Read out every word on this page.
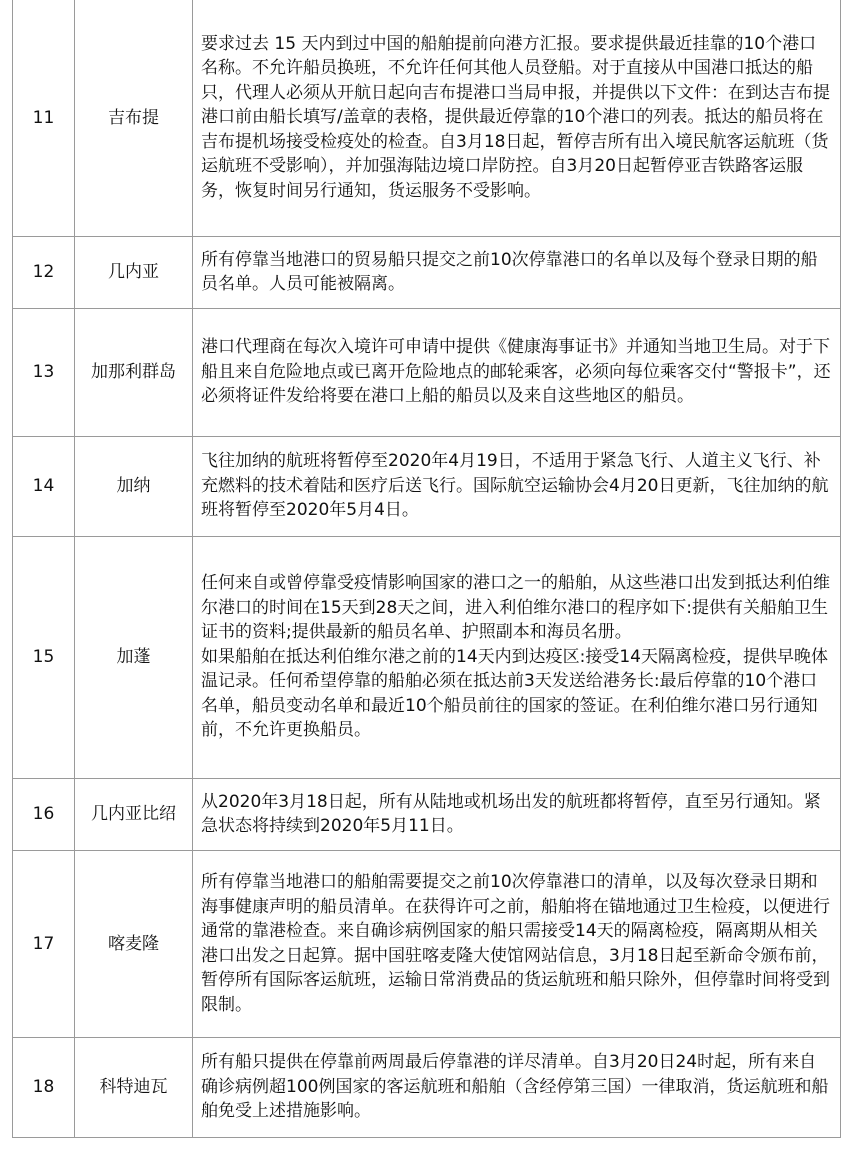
11	吉布提	要求过去 15 天内到过中国的船舶提前向港方汇报。要求提供最近挂靠的10个港口名称。不允许船员换班，不允许任何其他人员登船。对于直接从中国港口抵达的船只，代理人必须从开航日起向吉布提港口当局申报，并提供以下文件：在到达吉布提港口前由船长填写/盖章的表格，提供最近停靠的10个港口的列表。抵达的船员将在吉布提机场接受检疫处的检查。自3月18日起，暂停吉所有出入境民航客运航班（货运航班不受影响），并加强海陆边境口岸防控。自3月20日起暂停亚吉铁路客运服务，恢复时间另行通知，货运服务不受影响。

12	几内亚	所有停靠当地港口的贸易船只提交之前10次停靠港口的名单以及每个登录日期的船员名单。人员可能被隔离。

13	加那利群岛	港口代理商在每次入境许可申请中提供《健康海事证书》并通知当地卫生局。对于下船且来自危险地点或已离开危险地点的邮轮乘客，必须向每位乘客交付“警报卡”，还必须将证件发给将要在港口上船的船员以及来自这些地区的船员。

14	加纳	飞往加纳的航班将暂停至2020年4月19日，不适用于紧急飞行、人道主义飞行、补充燃料的技术着陆和医疗后送飞行。国际航空运输协会4月20日更新，飞往加纳的航班将暂停至2020年5月4日。

15	加蓬	任何来自或曾停靠受疫情影响国家的港口之一的船舶，从这些港口出发到抵达利伯维尔港口的时间在15天到28天之间，进入利伯维尔港口的程序如下:提供有关船舶卫生证书的资料;提供最新的船员名单、护照副本和海员名册。
如果船舶在抵达利伯维尔港之前的14天内到达疫区:接受14天隔离检疫，提供早晚体温记录。任何希望停靠的船舶必须在抵达前3天发送给港务长:最后停靠的10个港口名单，船员变动名单和最近10个船员前往的国家的签证。在利伯维尔港口另行通知前，不允许更换船员。

16	几内亚比绍	从2020年3月18日起，所有从陆地或机场出发的航班都将暂停，直至另行通知。紧急状态将持续到2020年5月11日。

17	喀麦隆	所有停靠当地港口的船舶需要提交之前10次停靠港口的清单，以及每次登录日期和海事健康声明的船员清单。在获得许可之前，船舶将在锚地通过卫生检疫，以便进行通常的靠港检查。来自确诊病例国家的船只需接受14天的隔离检疫，隔离期从相关港口出发之日起算。据中国驻喀麦隆大使馆网站信息，3月18日起至新命令颁布前，暂停所有国际客运航班，运输日常消费品的货运航班和船只除外，但停靠时间将受到限制。

18	科特迪瓦	所有船只提供在停靠前两周最后停靠港的详尽清单。自3月20日24时起，所有来自确诊病例超100例国家的客运航班和船舶（含经停第三国）一律取消，货运航班和船舶免受上述措施影响。
